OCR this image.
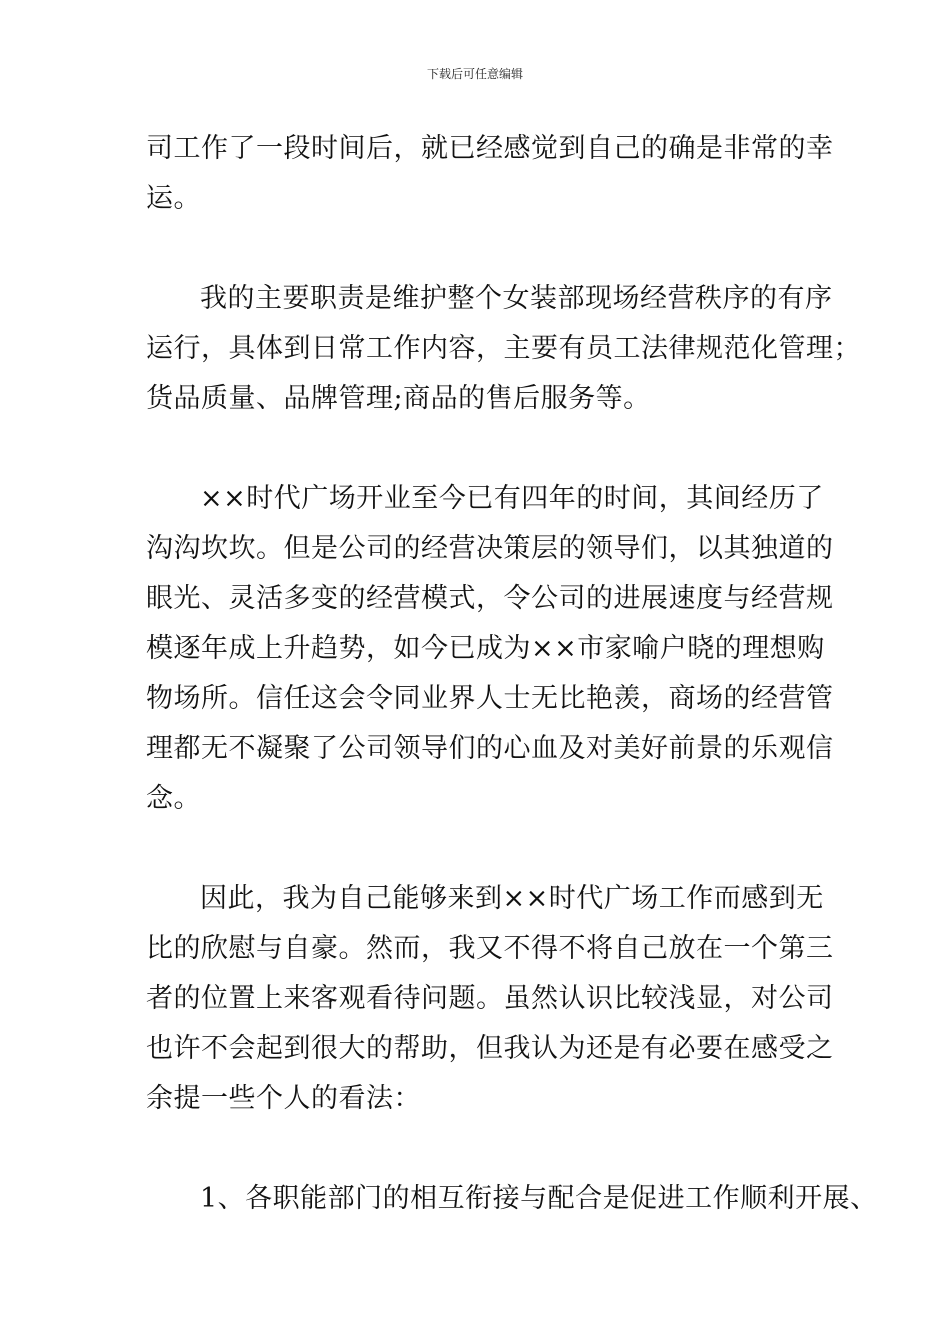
下载后可任意编辑
司工作了一段时间后，就已经感觉到自己的确是非常的幸
运。
我的主要职责是维护整个女装部现场经营秩序的有序
运行，具体到日常工作内容，主要有员工法律规范化管理；
货品质量、品牌管理;商品的售后服务等。
××时代广场开业至今已有四年的时间，其间经历了
沟沟坎坎。但是公司的经营决策层的领导们，以其独道的
眼光、灵活多变的经营模式，令公司的进展速度与经营规
模逐年成上升趋势，如今已成为××市家喻户晓的理想购
物场所。信任这会令同业界人士无比艳羡，商场的经营管
理都无不凝聚了公司领导们的心血及对美好前景的乐观信
念。
因此，我为自己能够来到××时代广场工作而感到无
比的欣慰与自豪。然而，我又不得不将自己放在一个第三
者的位置上来客观看待问题。虽然认识比较浅显，对公司
也许不会起到很大的帮助，但我认为还是有必要在感受之
余提一些个人的看法：
1、各职能部门的相互衔接与配合是促进工作顺利开展、
